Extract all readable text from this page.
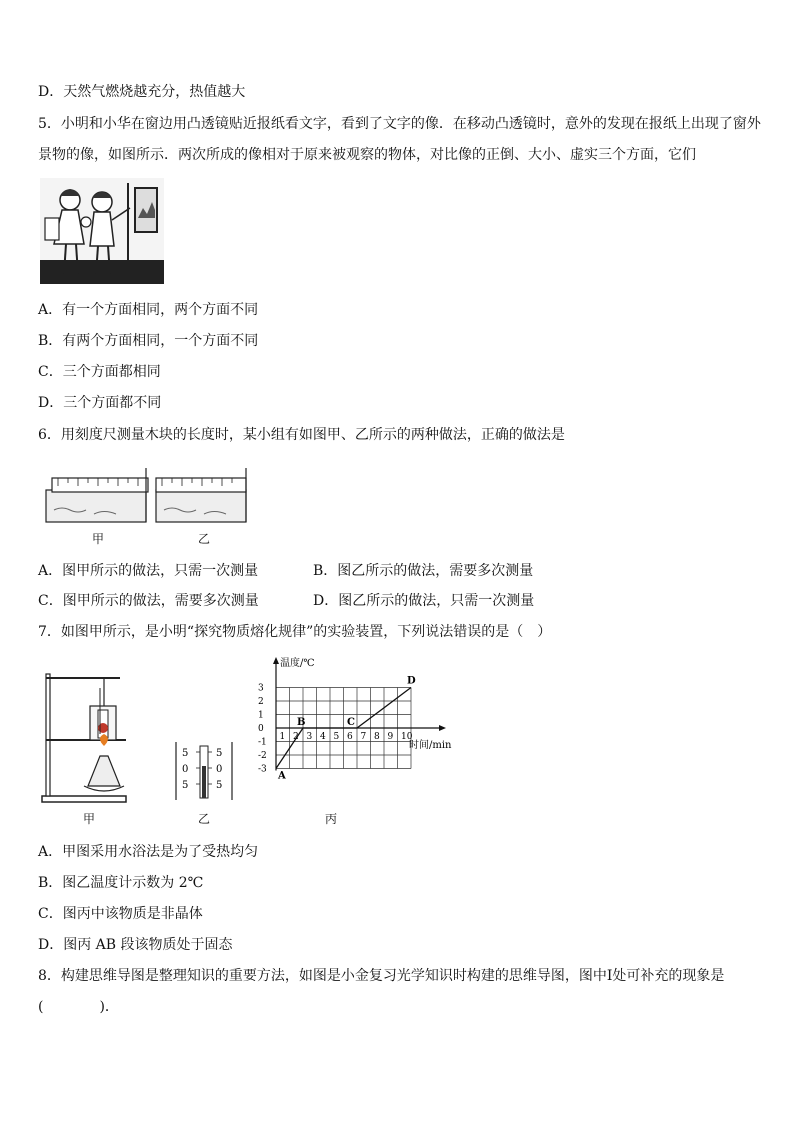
D．天然气燃烧越充分，热值越大
5．小明和小华在窗边用凸透镜贴近报纸看文字，看到了文字的像．在移动凸透镜时，意外的发现在报纸上出现了窗外
景物的像，如图所示．两次所成的像相对于原来被观察的物体，对比像的正倒、大小、虚实三个方面，它们
A．有一个方面相同，两个方面不同
B．有两个方面相同，一个方面不同
C．三个方面都相同
D．三个方面都不同
6．用刻度尺测量木块的长度时，某小组有如图甲、乙所示的两种做法，正确的做法是
甲	乙
A．图甲所示的做法，只需一次测量	B．图乙所示的做法，需要多次测量
C．图甲所示的做法，需要多次测量	D．图乙所示的做法，只需一次测量
7．如图甲所示，是小明“探究物质熔化规律”的实验装置，下列说法错误的是（　）
甲
5
0
5
5
0
5
乙
温度/℃
时间/min
1 2 3 4 5 6 7 8 9 10
3
2
1
0
-1
-2
-3
A
B	C
D
丙
A．甲图采用水浴法是为了受热均匀
B．图乙温度计示数为 2℃
C．图丙中该物质是非晶体
D．图丙 AB 段该物质处于固态
8．构建思维导图是整理知识的重要方法，如图是小金复习光学知识时构建的思维导图，图中Ⅰ处可补充的现象是
(　　　　)．
